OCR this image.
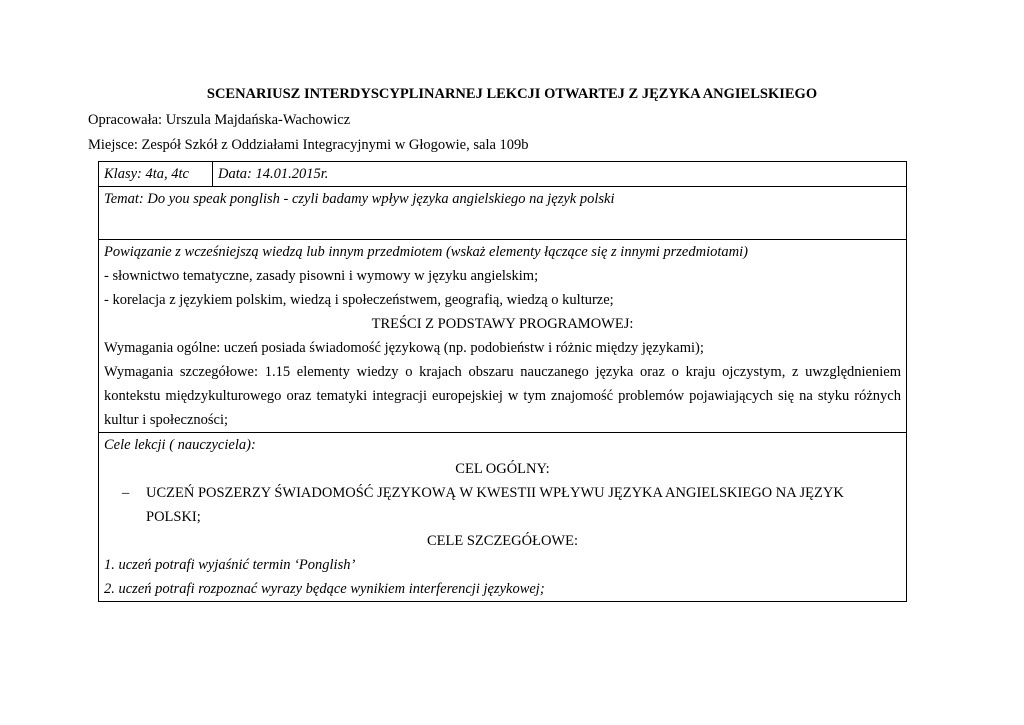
SCENARIUSZ INTERDYSCYPLINARNEJ LEKCJI OTWARTEJ Z JĘZYKA ANGIELSKIEGO
Opracowała: Urszula Majdańska-Wachowicz
Miejsce: Zespół Szkół z Oddziałami Integracyjnymi w Głogowie, sala 109b
Klasy: 4ta, 4tc	Data: 14.01.2015r.
Temat: Do you speak ponglish - czyli badamy wpływ języka angielskiego na język polski

Powiązanie z wcześniejszą wiedzą lub innym przedmiotem (wskaż elementy łączące się z innymi przedmiotami)
- słownictwo tematyczne, zasady pisowni i wymowy w języku angielskim;
- korelacja z językiem polskim, wiedzą i społeczeństwem, geografią, wiedzą o kulturze;
TREŚCI Z PODSTAWY PROGRAMOWEJ:
Wymagania ogólne: uczeń posiada świadomość językową (np. podobieństw i różnic między językami);
Wymagania szczegółowe: 1.15 elementy wiedzy o krajach obszaru nauczanego języka oraz o kraju ojczystym, z uwzględnieniem kontekstu międzykulturowego oraz tematyki integracji europejskiej w tym znajomość problemów pojawiających się na styku różnych kultur i społeczności;

Cele lekcji ( nauczyciela):
CEL OGÓLNY:
– UCZEŃ POSZERZY ŚWIADOMOŚĆ JĘZYKOWĄ W KWESTII WPŁYWU JĘZYKA ANGIELSKIEGO NA JĘZYK POLSKI;
CELE SZCZEGÓŁOWE:
1. uczeń potrafi wyjaśnić termin ‘Ponglish’
2. uczeń potrafi rozpoznać wyrazy będące wynikiem interferencji językowej;
